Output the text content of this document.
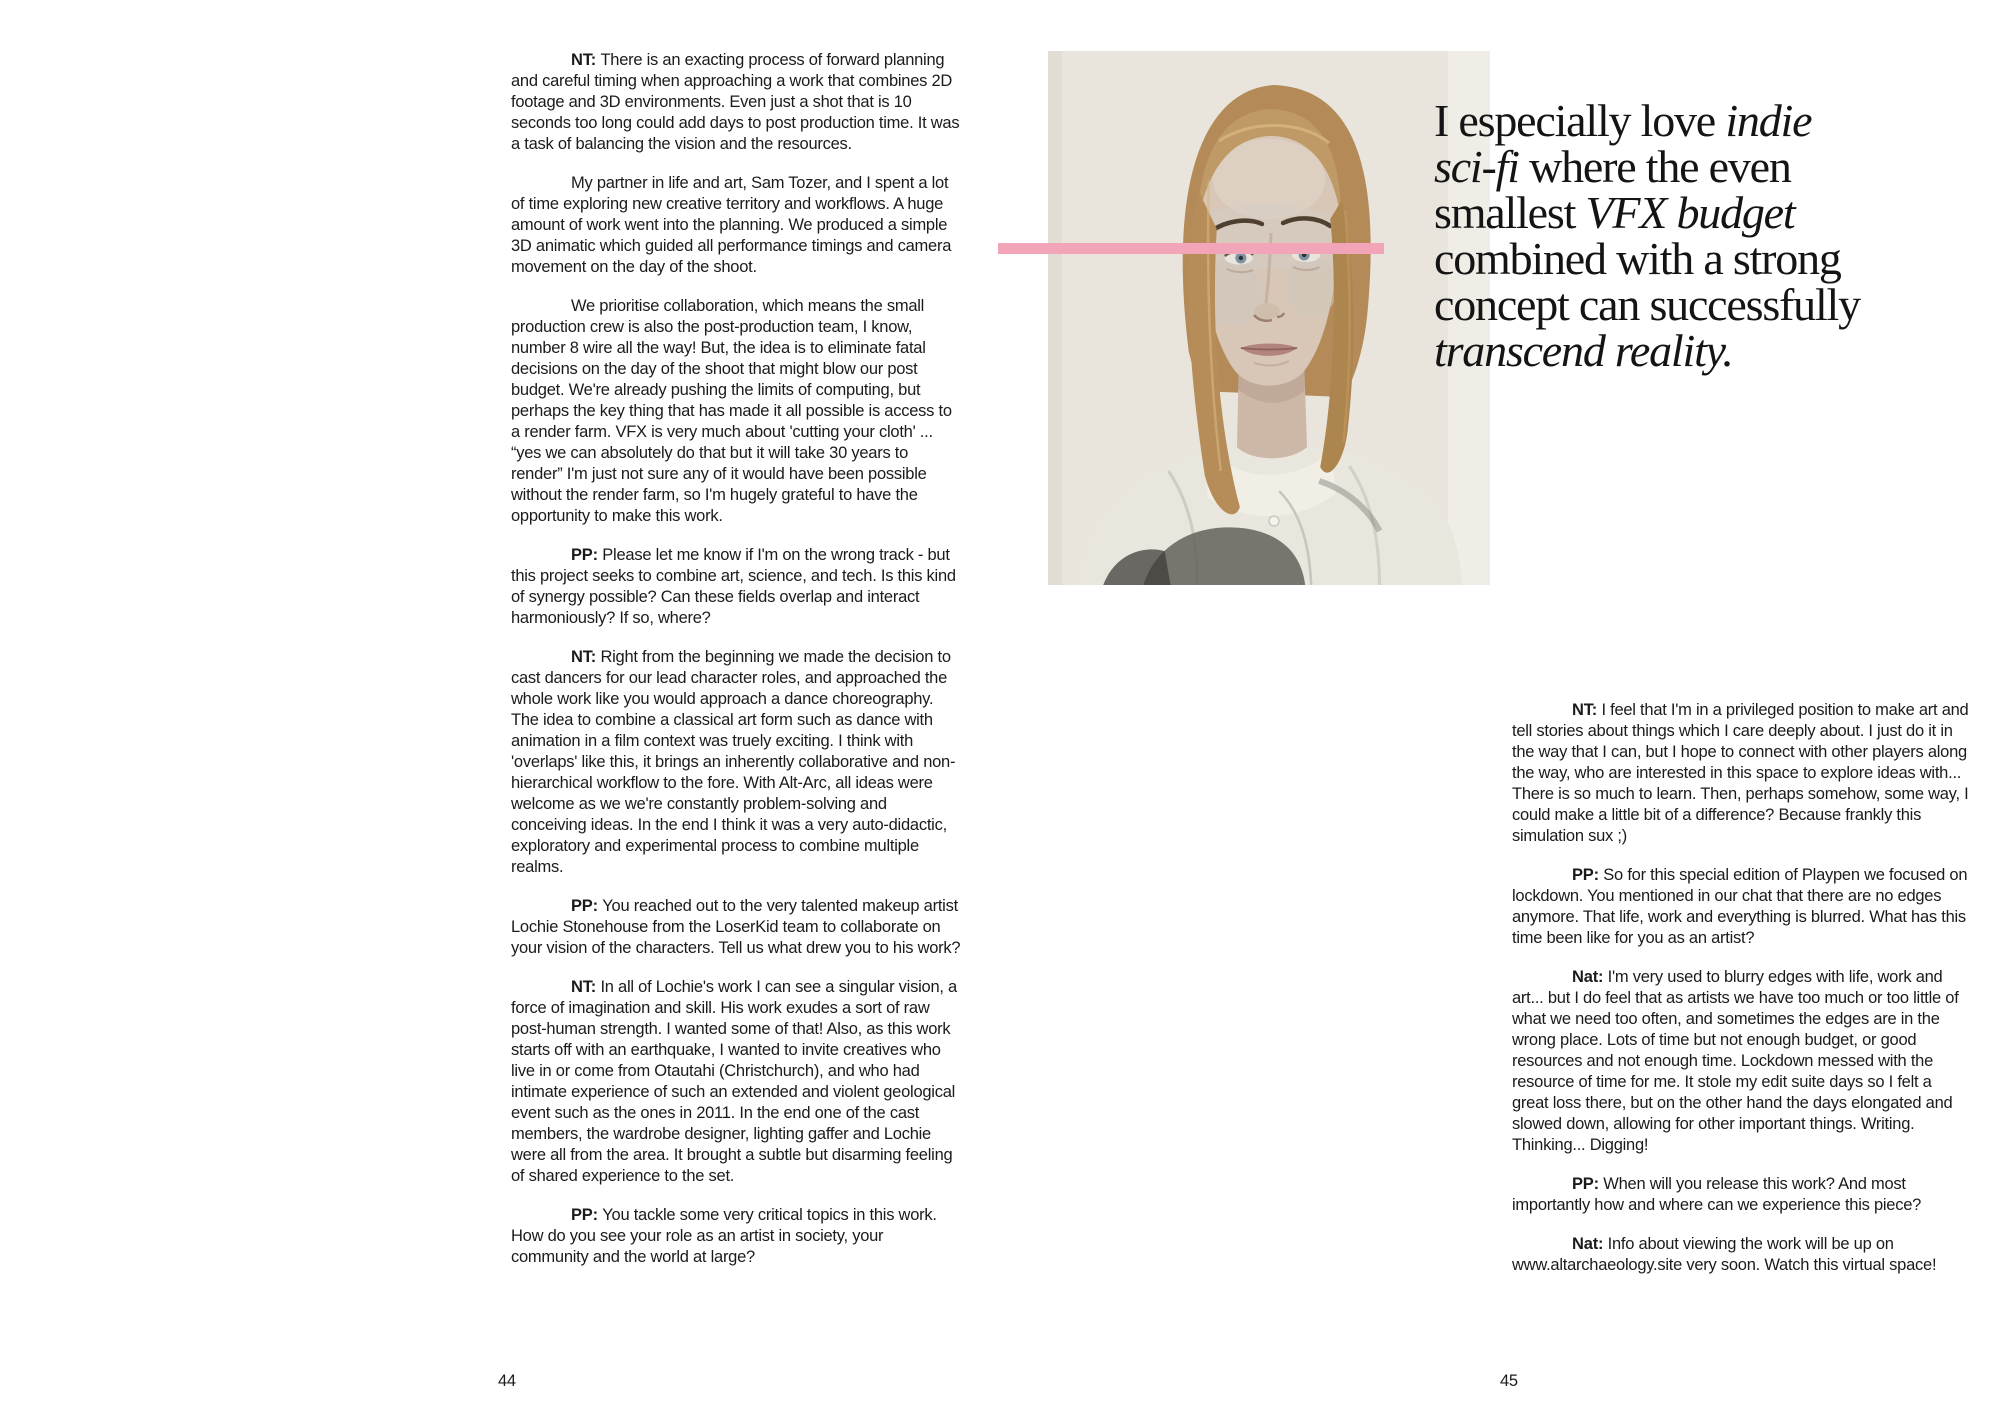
NT: There is an exacting process of forward planning and careful timing when approaching a work that combines 2D footage and 3D environments. Even just a shot that is 10 seconds too long could add days to post production time. It was a task of balancing the vision and the resources.

My partner in life and art, Sam Tozer, and I spent a lot of time exploring new creative territory and workflows. A huge amount of work went into the planning. We produced a simple 3D animatic which guided all performance timings and camera movement on the day of the shoot.

We prioritise collaboration, which means the small production crew is also the post-production team, I know, number 8 wire all the way! But, the idea is to eliminate fatal decisions on the day of the shoot that might blow our post budget. We're already pushing the limits of computing, but perhaps the key thing that has made it all possible is access to a render farm. VFX is very much about 'cutting your cloth' ... “yes we can absolutely do that but it will take 30 years to render” I'm just not sure any of it would have been possible without the render farm, so I'm hugely grateful to have the opportunity to make this work.

PP: Please let me know if I'm on the wrong track - but this project seeks to combine art, science, and tech. Is this kind of synergy possible? Can these fields overlap and interact harmoniously? If so, where?

NT: Right from the beginning we made the decision to cast dancers for our lead character roles, and approached the whole work like you would approach a dance choreography. The idea to combine a classical art form such as dance with animation in a film context was truely exciting. I think with 'overlaps' like this, it brings an inherently collaborative and non-hierarchical workflow to the fore. With Alt-Arc, all ideas were welcome as we we're constantly problem-solving and conceiving ideas. In the end I think it was a very auto-didactic, exploratory and experimental process to combine multiple realms.

PP: You reached out to the very talented makeup artist Lochie Stonehouse from the LoserKid team to collaborate on your vision of the characters. Tell us what drew you to his work?

NT: In all of Lochie's work I can see a singular vision, a force of imagination and skill. His work exudes a sort of raw post-human strength. I wanted some of that! Also, as this work starts off with an earthquake, I wanted to invite creatives who live in or come from Otautahi (Christchurch), and who had intimate experience of such an extended and violent geological event such as the ones in 2011. In the end one of the cast members, the wardrobe designer, lighting gaffer and Lochie were all from the area. It brought a subtle but disarming feeling of shared experience to the set.

PP: You tackle some very critical topics in this work. How do you see your role as an artist in society, your community and the world at large?

I especially love indie
sci-fi where the even
smallest VFX budget
combined with a strong
concept can successfully
transcend reality.

NT: I feel that I'm in a privileged position to make art and tell stories about things which I care deeply about. I just do it in the way that I can, but I hope to connect with other players along the way, who are interested in this space to explore ideas with... There is so much to learn. Then, perhaps somehow, some way, I could make a little bit of a difference? Because frankly this simulation sux ;)

PP: So for this special edition of Playpen we focused on lockdown. You mentioned in our chat that there are no edges anymore. That life, work and everything is blurred. What has this time been like for you as an artist?

Nat: I'm very used to blurry edges with life, work and art... but I do feel that as artists we have too much or too little of what we need too often, and sometimes the edges are in the wrong place. Lots of time but not enough budget, or good resources and not enough time. Lockdown messed with the resource of time for me. It stole my edit suite days so I felt a great loss there, but on the other hand the days elongated and slowed down, allowing for other important things. Writing. Thinking... Digging!

PP: When will you release this work? And most importantly how and where can we experience this piece?

Nat: Info about viewing the work will be up on www.altarchaeology.site very soon. Watch this virtual space!

44	45
